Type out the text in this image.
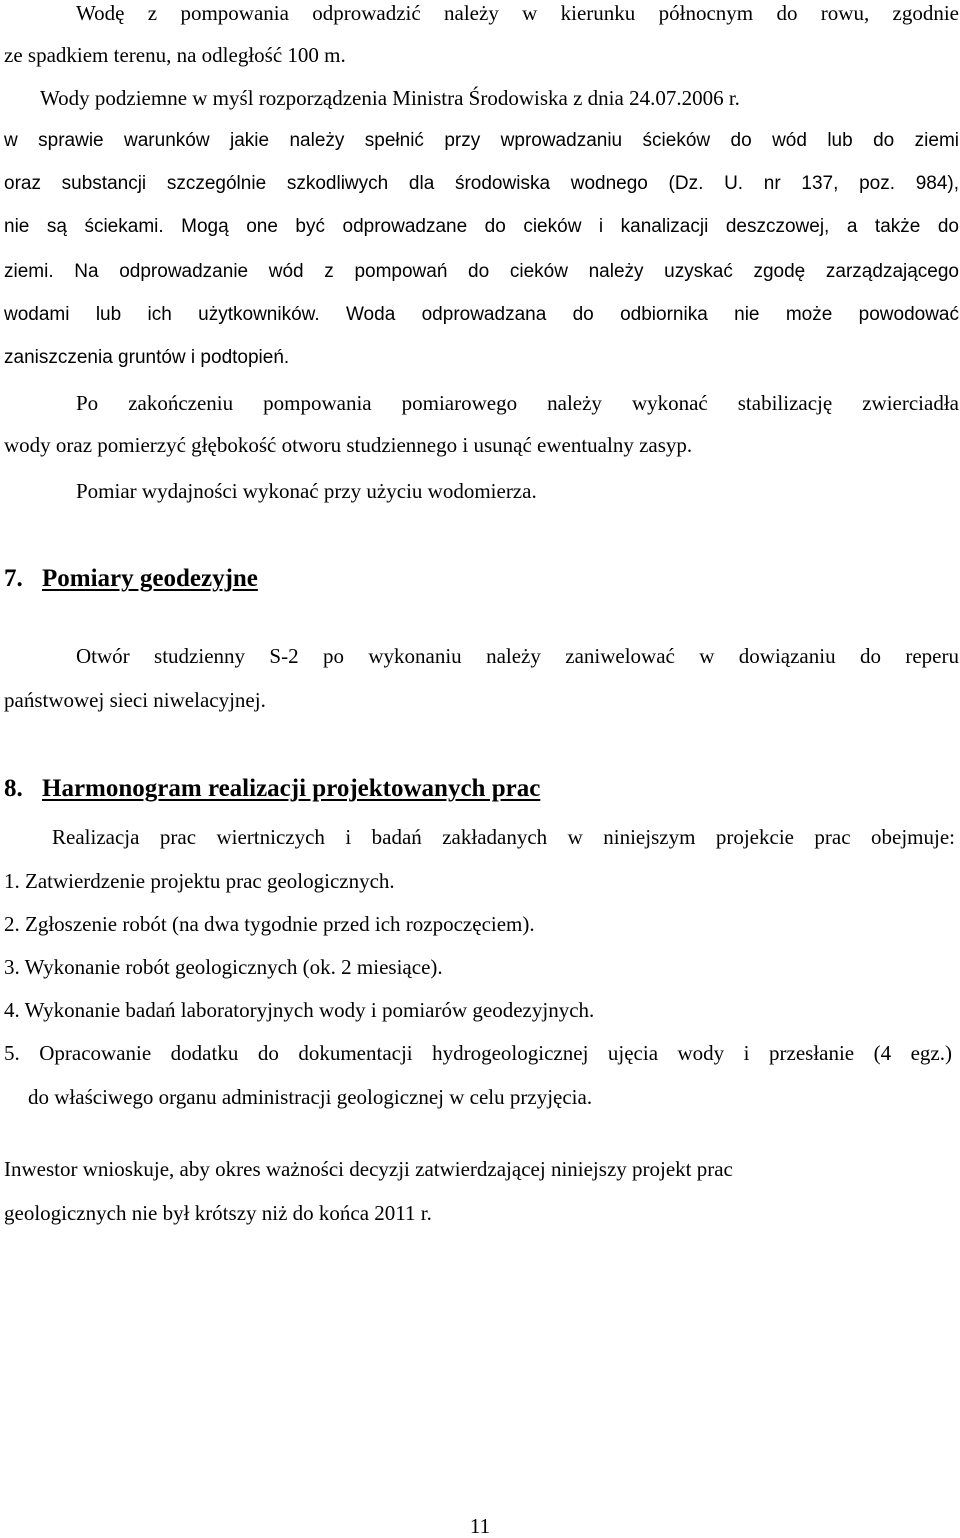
Wodę z pompowania odprowadzić należy w kierunku północnym do rowu, zgodnie
ze spadkiem terenu, na odległość 100 m.
Wody podziemne w myśl rozporządzenia Ministra Środowiska z dnia 24.07.2006 r.
w sprawie warunków jakie należy spełnić przy wprowadzaniu ścieków do wód lub do ziemi
oraz substancji szczególnie szkodliwych dla środowiska wodnego (Dz. U. nr 137, poz. 984),
nie są ściekami. Mogą one być odprowadzane do cieków i kanalizacji deszczowej, a także do
ziemi. Na odprowadzanie wód z pompowań do cieków należy uzyskać zgodę zarządzającego
wodami lub ich użytkowników. Woda odprowadzana do odbiornika nie może powodować
zaniszczenia gruntów i podtopień.
Po zakończeniu pompowania pomiarowego należy wykonać stabilizację zwierciadła
wody oraz pomierzyć głębokość otworu studziennego i usunąć ewentualny zasyp.
Pomiar wydajności wykonać przy użyciu wodomierza.
7. Pomiary geodezyjne
Otwór studzienny S-2 po wykonaniu należy zaniwelować w dowiązaniu do reperu
państwowej sieci niwelacyjnej.
8. Harmonogram realizacji projektowanych prac
Realizacja prac wiertniczych i badań zakładanych w niniejszym projekcie prac obejmuje:
1. Zatwierdzenie projektu prac geologicznych.
2. Zgłoszenie robót (na dwa tygodnie przed ich rozpoczęciem).
3. Wykonanie robót geologicznych (ok. 2 miesiące).
4. Wykonanie badań laboratoryjnych wody i pomiarów geodezyjnych.
5. Opracowanie dodatku do dokumentacji hydrogeologicznej ujęcia wody i przesłanie (4 egz.)
do właściwego organu administracji geologicznej w celu przyjęcia.
Inwestor wnioskuje, aby okres ważności decyzji zatwierdzającej niniejszy projekt prac
geologicznych nie był krótszy niż do końca 2011 r.
11
